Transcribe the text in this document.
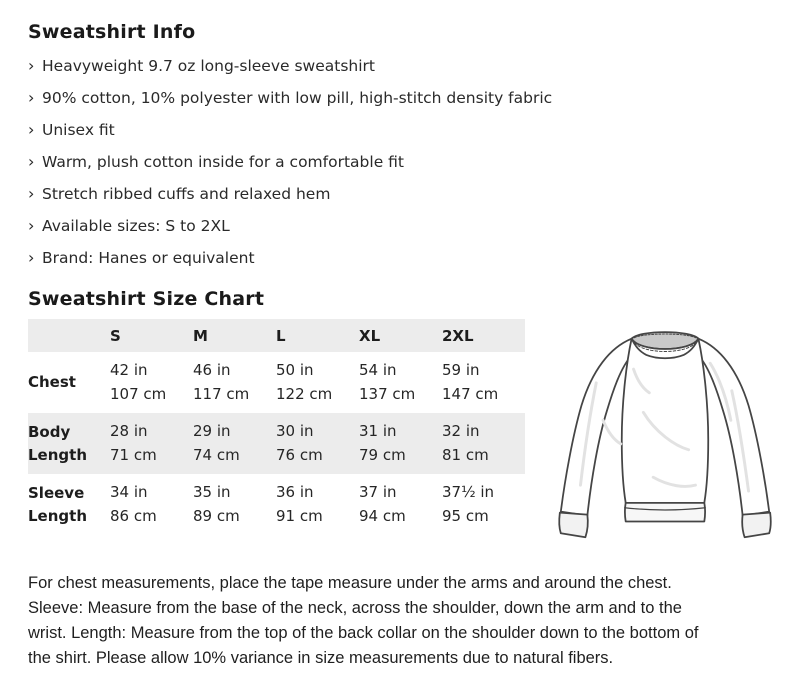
Sweatshirt Info
› Heavyweight 9.7 oz long-sleeve sweatshirt
› 90% cotton, 10% polyester with low pill, high-stitch density fabric
› Unisex fit
› Warm, plush cotton inside for a comfortable fit
› Stretch ribbed cuffs and relaxed hem
› Available sizes: S to 2XL
› Brand: Hanes or equivalent
Sweatshirt Size Chart
	S	M	L	XL	2XL
Chest	
42 in
107 cm

46 in
117 cm

50 in
122 cm

54 in
137 cm

59 in
147 cm

Body Length	
28 in
71 cm

29 in
74 cm

30 in
76 cm

31 in
79 cm

32 in
81 cm

Sleeve Length	
34 in
86 cm

35 in
89 cm

36 in
91 cm

37 in
94 cm

37½ in
95 cm

For chest measurements, place the tape measure under the arms and around the chest.
Sleeve: Measure from the base of the neck, across the shoulder, down the arm and to the
wrist. Length: Measure from the top of the back collar on the shoulder down to the bottom of
the shirt. Please allow 10% variance in size measurements due to natural fibers.
